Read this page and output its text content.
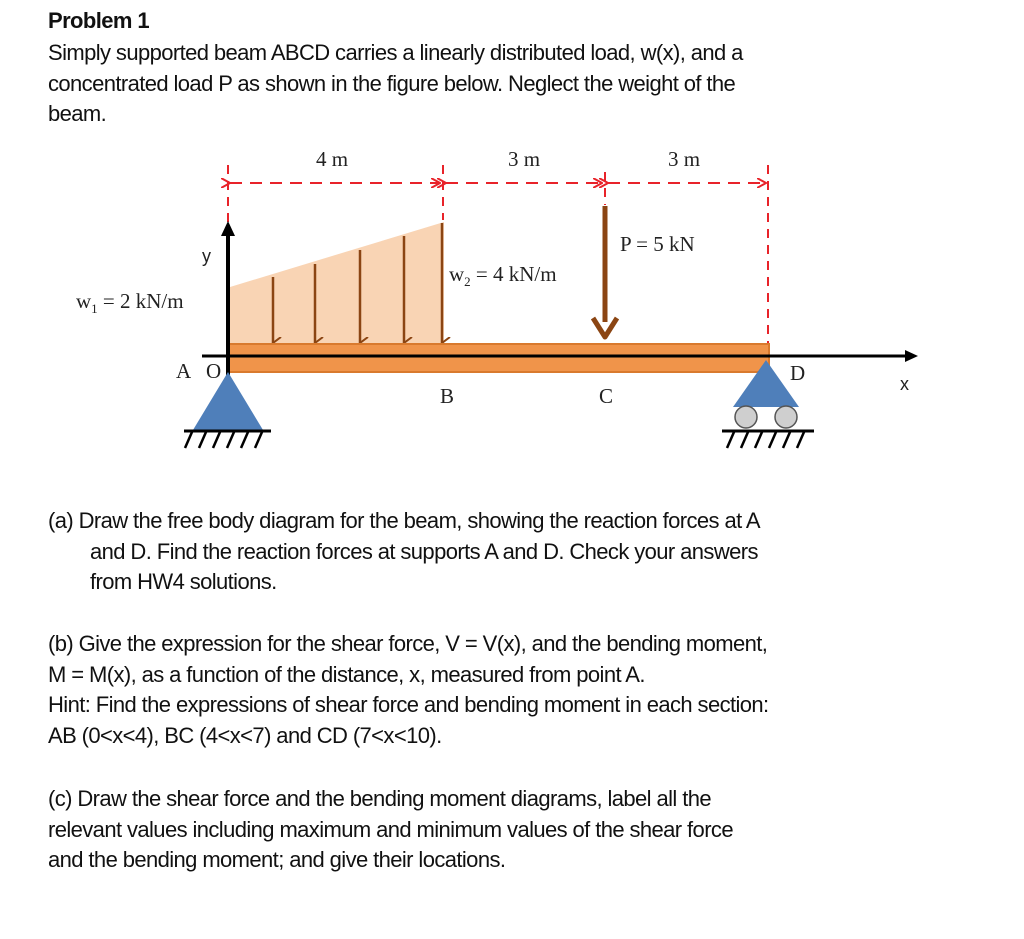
Problem 1
Simply supported beam ABCD carries a linearly distributed load, w(x), and a
concentrated load P as shown in the figure below. Neglect the weight of the
beam.
4 m	3 m	3 m
y
x
$w_1 = 2$ kN/m
$w_2 = 4$ kN/m
P = 5 kN
A O
B	C
D
(a) Draw the free body diagram for the beam, showing the reaction forces at A
and D. Find the reaction forces at supports A and D. Check your answers
from HW4 solutions.
(b) Give the expression for the shear force, V = V(x), and the bending moment,
M = M(x), as a function of the distance, x, measured from point A.
Hint: Find the expressions of shear force and bending moment in each section:
AB (0<x<4), BC (4<x<7) and CD (7<x<10).
(c) Draw the shear force and the bending moment diagrams, label all the
relevant values including maximum and minimum values of the shear force
and the bending moment; and give their locations.
